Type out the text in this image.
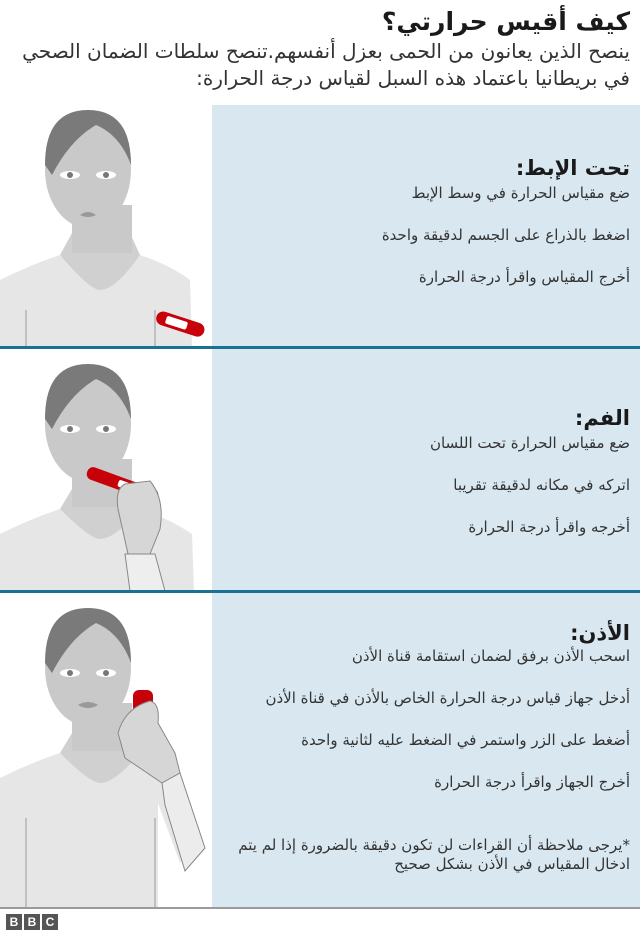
كيف أقيس حرارتي؟
ينصح الذين يعانون من الحمى بعزل أنفسهم.تنصح سلطات الضمان الصحي في بريطانيا باعتماد هذه السبل لقياس درجة الحرارة:
تحت الإبط:
ضع مقياس الحرارة في وسط الإبط
اضغط بالذراع على الجسم لدقيقة واحدة
أخرج المقياس واقرأ درجة الحرارة
الفم:
ضع مقياس الحرارة تحت اللسان
اتركه في مكانه لدقيقة تقريبا
أخرجه واقرأ درجة الحرارة
الأذن:
اسحب الأذن برفق لضمان استقامة قناة الأذن
أدخل جهاز قياس درجة الحرارة الخاص بالأذن في قناة الأذن
أضغط على الزر واستمر في الضغط عليه لثانية واحدة
أخرج الجهاز واقرأ درجة الحرارة
*يرجى ملاحظة أن القراءات لن تكون دقيقة بالضرورة إذا لم يتم ادخال المقياس في الأذن بشكل صحيح
B B C
